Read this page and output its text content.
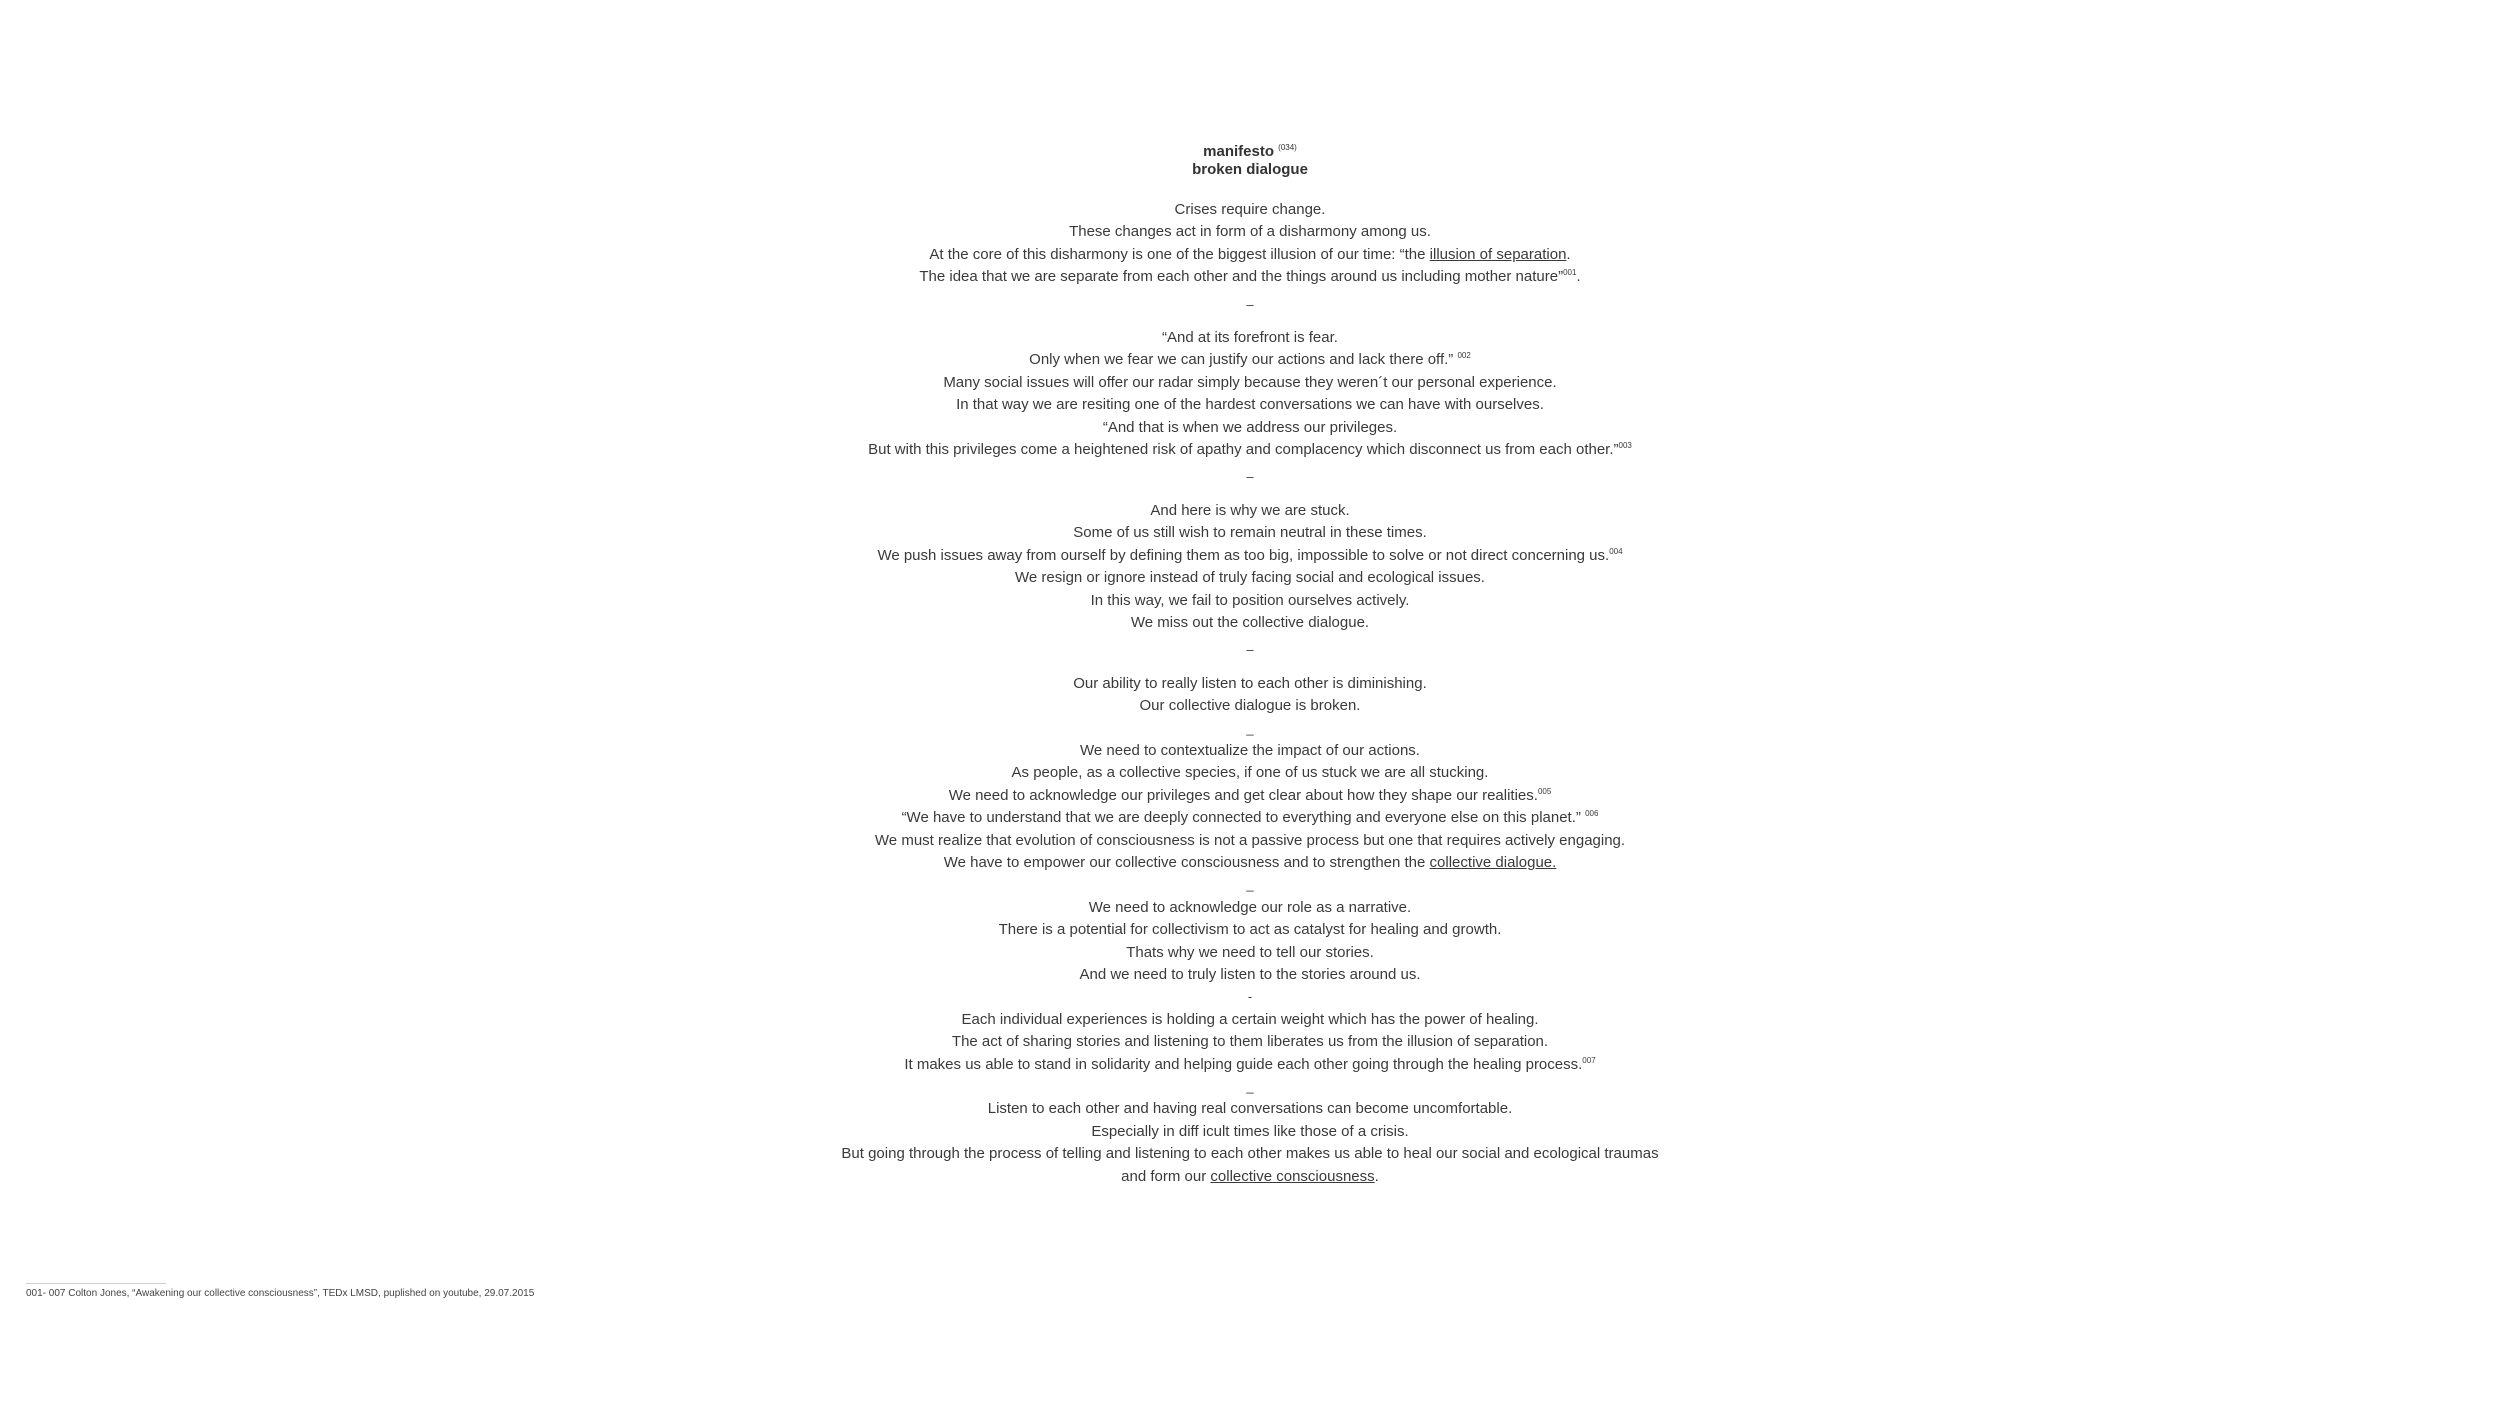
manifesto $^{(034)}$
broken dialogue
Crises require change.
These changes act in form of a disharmony among us.
At the core of this disharmony is one of the biggest illusion of our time: “the illusion of separation.
The idea that we are separate from each other and the things around us including mother nature”$^{001}$.
–
“And at its forefront is fear.
Only when we fear we can justify our actions and lack there off.” $^{002}$
Many social issues will offer our radar simply because they weren´t our personal experience.
In that way we are resiting one of the hardest conversations we can have with ourselves.
“And that is when we address our privileges.
But with this privileges come a heightened risk of apathy and complacency which disconnect us from each other.”$^{003}$
–
And here is why we are stuck.
Some of us still wish to remain neutral in these times.
We push issues away from ourself by defining them as too big, impossible to solve or not direct concerning us.$^{004}$
We resign or ignore instead of truly facing social and ecological issues.
In this way, we fail to position ourselves actively.
We miss out the collective dialogue.
–
Our ability to really listen to each other is diminishing.
Our collective dialogue is broken.
_
We need to contextualize the impact of our actions.
As people, as a collective species, if one of us stuck we are all stucking.
We need to acknowledge our privileges and get clear about how they shape our realities.$^{005}$
“We have to understand that we are deeply connected to everything and everyone else on this planet.” $^{006}$
We must realize that evolution of consciousness is not a passive process but one that requires actively engaging.
We have to empower our collective consciousness and to strengthen the collective dialogue.
_
We need to acknowledge our role as a narrative.
There is a potential for collectivism to act as catalyst for healing and growth.
Thats why we need to tell our stories.
And we need to truly listen to the stories around us.
-
Each individual experiences is holding a certain weight which has the power of healing.
The act of sharing stories and listening to them liberates us from the illusion of separation.
It makes us able to stand in solidarity and helping guide each other going through the healing process.$^{007}$
_
Listen to each other and having real conversations can become uncomfortable.
Especially in diff icult times like those of a crisis.
But going through the process of telling and listening to each other makes us able to heal our social and ecological traumas
and form our collective consciousness.
001- 007 Colton Jones, “Awakening our collective consciousness”, TEDx LMSD, puplished on youtube, 29.07.2015
